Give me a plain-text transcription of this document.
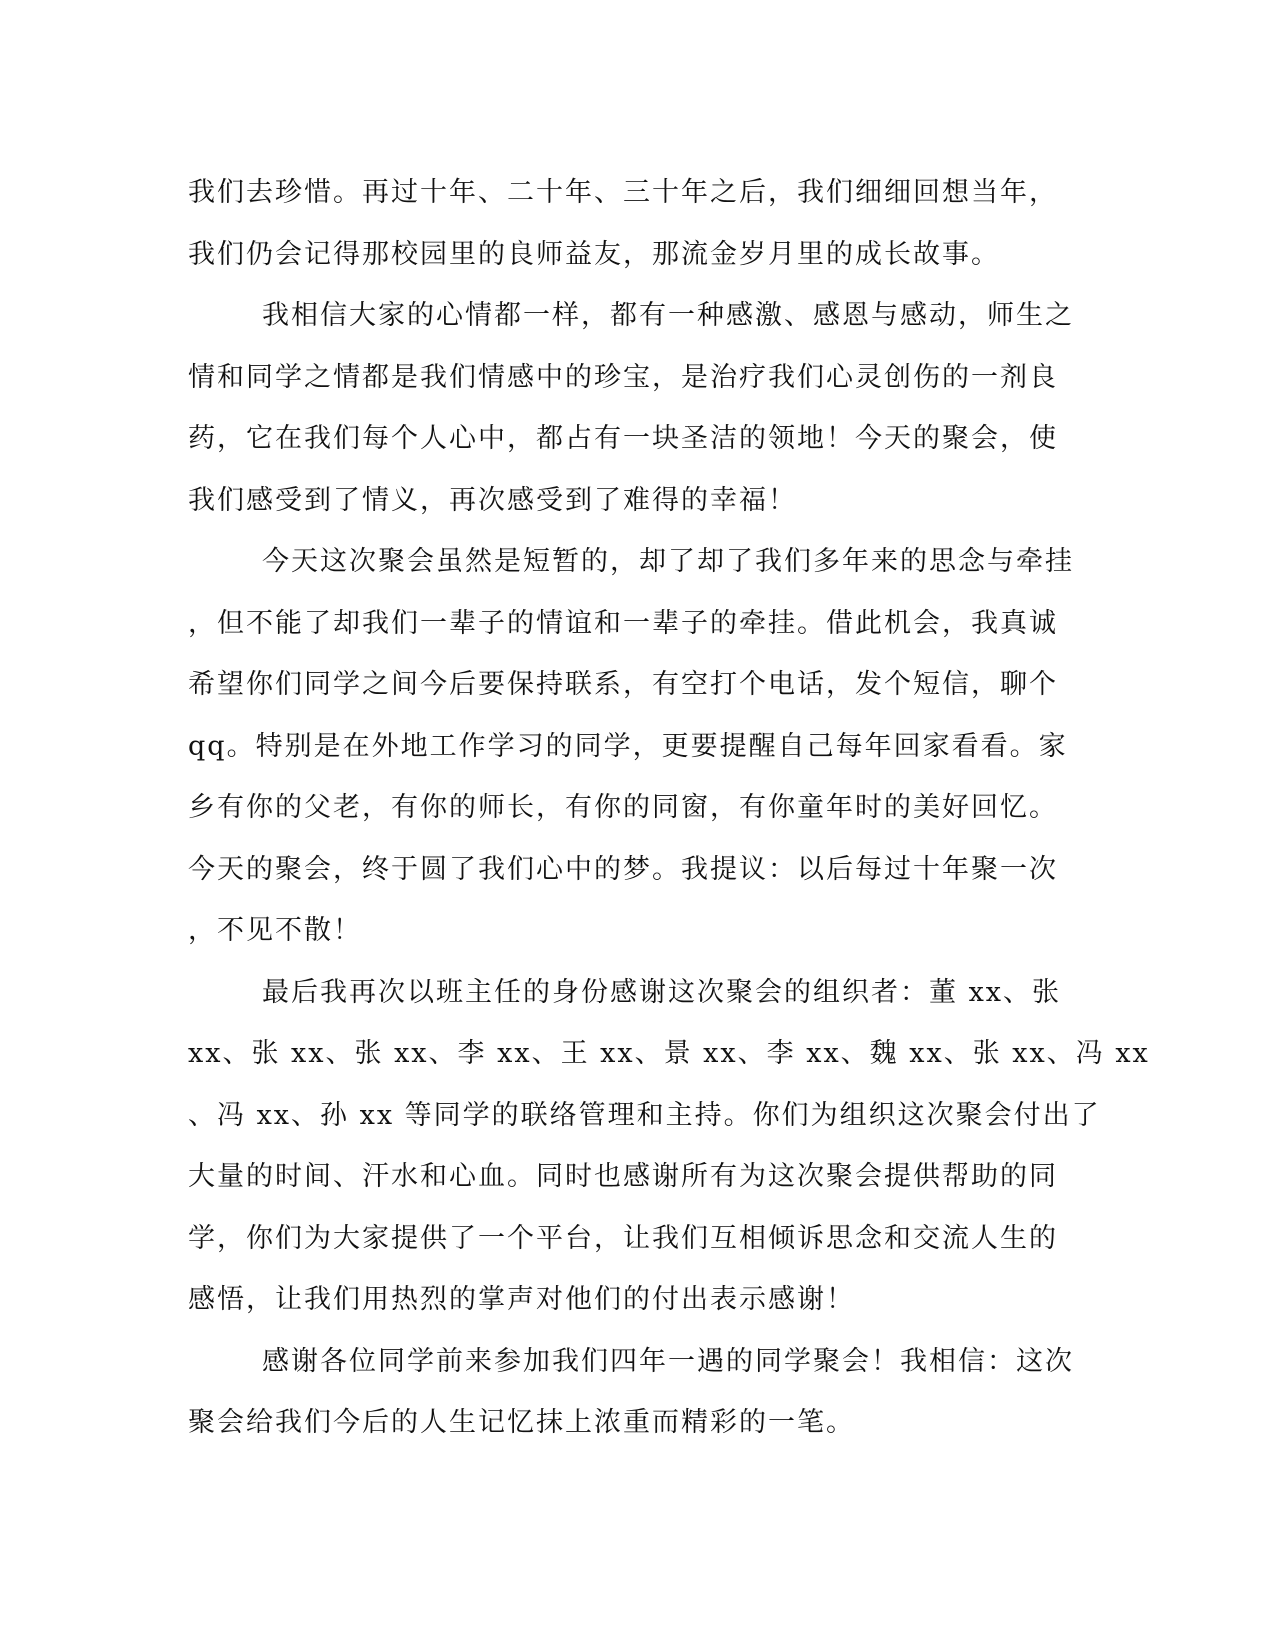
我们去珍惜。再过十年、二十年、三十年之后，我们细细回想当年，
我们仍会记得那校园里的良师益友，那流金岁月里的成长故事。

我相信大家的心情都一样，都有一种感激、感恩与感动，师生之
情和同学之情都是我们情感中的珍宝，是治疗我们心灵创伤的一剂良
药，它在我们每个人心中，都占有一块圣洁的领地！今天的聚会，使
我们感受到了情义，再次感受到了难得的幸福！

今天这次聚会虽然是短暂的，却了却了我们多年来的思念与牵挂
，但不能了却我们一辈子的情谊和一辈子的牵挂。借此机会，我真诚
希望你们同学之间今后要保持联系，有空打个电话，发个短信，聊个
qq。特别是在外地工作学习的同学，更要提醒自己每年回家看看。家
乡有你的父老，有你的师长，有你的同窗，有你童年时的美好回忆。
今天的聚会，终于圆了我们心中的梦。我提议：以后每过十年聚一次
，不见不散！

最后我再次以班主任的身份感谢这次聚会的组织者：董 xx、张
xx、张 xx、张 xx、李 xx、王 xx、景 xx、李 xx、魏 xx、张 xx、冯 xx
、冯 xx、孙 xx 等同学的联络管理和主持。你们为组织这次聚会付出了
大量的时间、汗水和心血。同时也感谢所有为这次聚会提供帮助的同
学，你们为大家提供了一个平台，让我们互相倾诉思念和交流人生的
感悟，让我们用热烈的掌声对他们的付出表示感谢！

感谢各位同学前来参加我们四年一遇的同学聚会！我相信：这次
聚会给我们今后的人生记忆抹上浓重而精彩的一笔。
